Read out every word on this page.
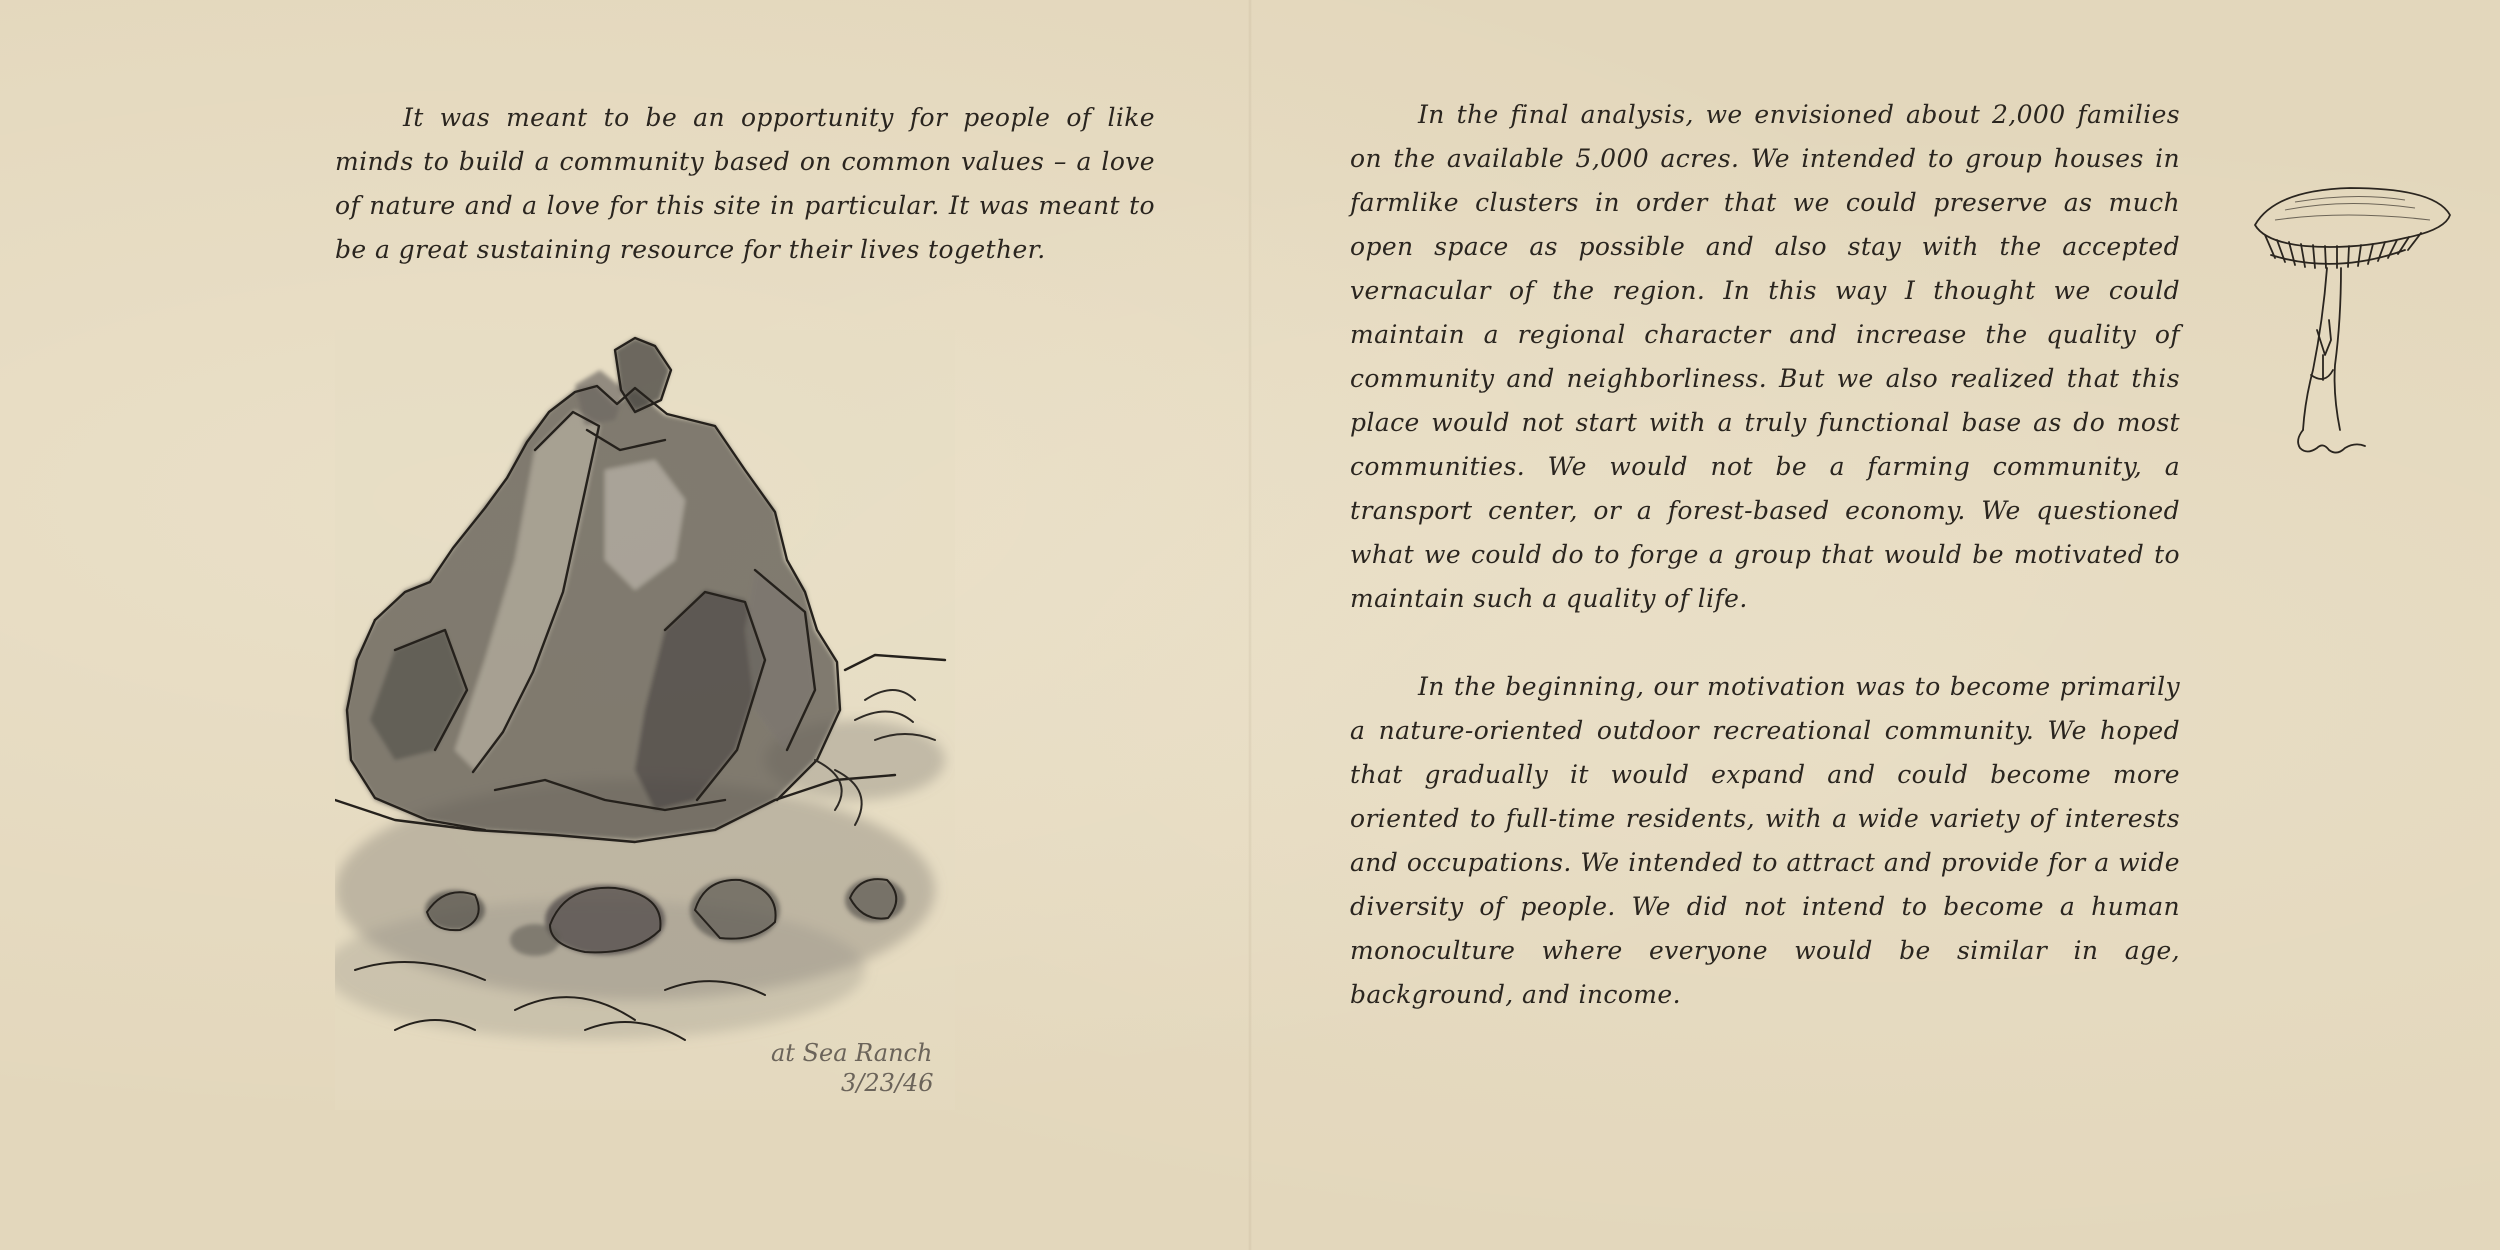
It was meant to be an opportunity for people of like minds to build a community based on common values – a love of nature and a love for this site in particular. It was meant to be a great sustaining resource for their lives together.

at Sea Ranch
3/23/46

In the final analysis, we envisioned about 2,000 families on the available 5,000 acres. We intended to group houses in farmlike clusters in order that we could preserve as much open space as possible and also stay with the accepted vernacular of the region. In this way I thought we could maintain a regional character and increase the quality of community and neighborliness. But we also realized that this place would not start with a truly functional base as do most communities. We would not be a farming community, a transport center, or a forest-based economy. We questioned what we could do to forge a group that would be motivated to maintain such a quality of life.

In the beginning, our motivation was to become primarily a nature-oriented outdoor recreational community. We hoped that gradually it would expand and could become more oriented to full-time residents, with a wide variety of interests and occupations. We intended to attract and provide for a wide diversity of people. We did not intend to become a human monoculture where everyone would be similar in age, background, and income.
